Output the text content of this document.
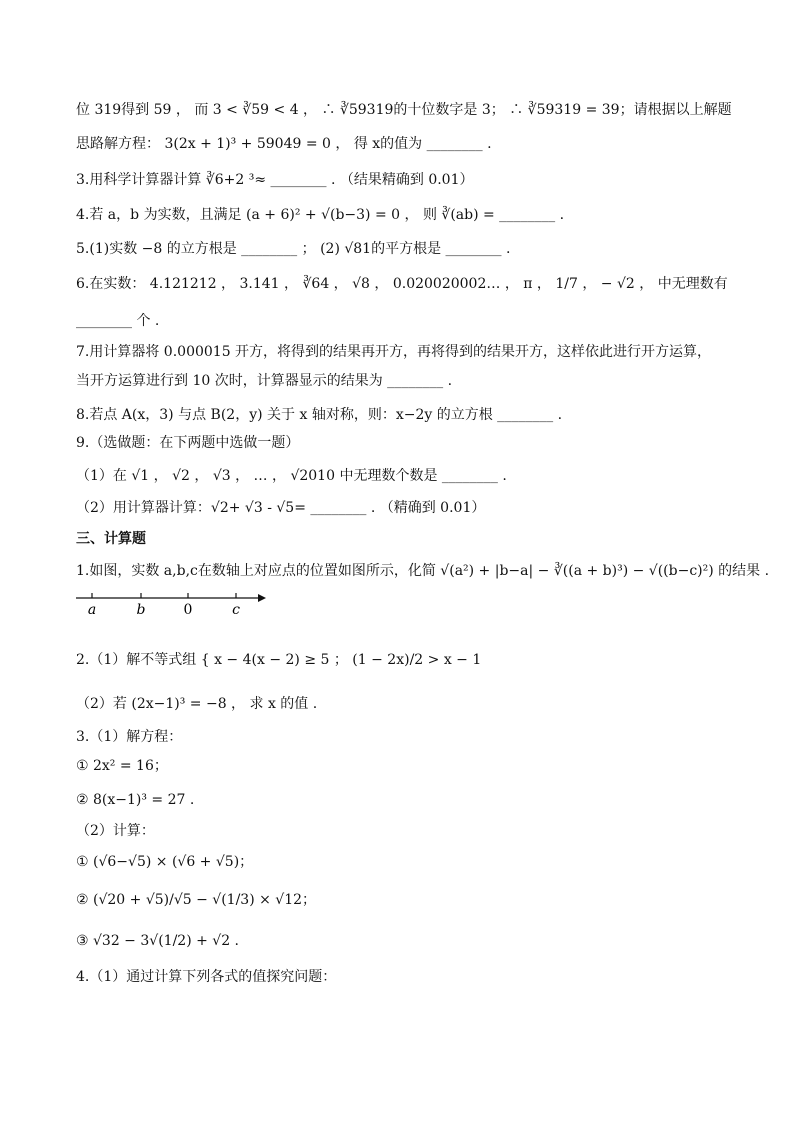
位 319得到 59 ， 而 3 < ∛59 < 4 ， ∴ ∛59319的十位数字是 3； ∴ ∛59319 = 39；请根据以上解题
思路解方程： 3(2x + 1)³ + 59049 = 0 ， 得 x的值为 ________ .
3.用科学计算器计算 ∛6+2 ³≈ ________ . （结果精确到 0.01）
4.若 a，b 为实数，且满足 (a + 6)² + √(b−3) = 0 ， 则 ∛(ab) = ________ .
5.(1)实数 −8 的立方根是 ________ ； (2) √81的平方根是 ________ .
6.在实数： 4.121212 ， 3.141 ， ∛64 ， √8 ， 0.020020002… ， π ， 1/7 ， − √2 ， 中无理数有
________ 个 .
7.用计算器将 0.000015 开方，将得到的结果再开方，再将得到的结果开方，这样依此进行开方运算，
当开方运算进行到 10 次时，计算器显示的结果为 ________ .
8.若点 A(x，3) 与点 B(2，y) 关于 x 轴对称，则：x−2y 的立方根 ________ .
9.（选做题：在下两题中选做一题）
（1）在 √1 ， √2 ， √3 ， … ， √2010 中无理数个数是 ________ .
（2）用计算器计算：√2+ √3 - √5= ________ . （精确到 0.01）
三、计算题
1.如图，实数 a,b,c在数轴上对应点的位置如图所示，化简 √(a²) + |b−a| − ∛((a + b)³) − √((b−c)²) 的结果 .
a	b	0	c
2.（1）解不等式组 { x − 4(x − 2) ≥ 5 ； (1 − 2x)/2 > x − 1
（2）若 (2x−1)³ = −8 ， 求 x 的值 .
3.（1）解方程：
① 2x² = 16；
② 8(x−1)³ = 27 .
（2）计算：
① (√6−√5) × (√6 + √5)；
② (√20 + √5)/√5 − √(1/3) × √12；
③ √32 − 3√(1/2) + √2 .
4.（1）通过计算下列各式的值探究问题：
